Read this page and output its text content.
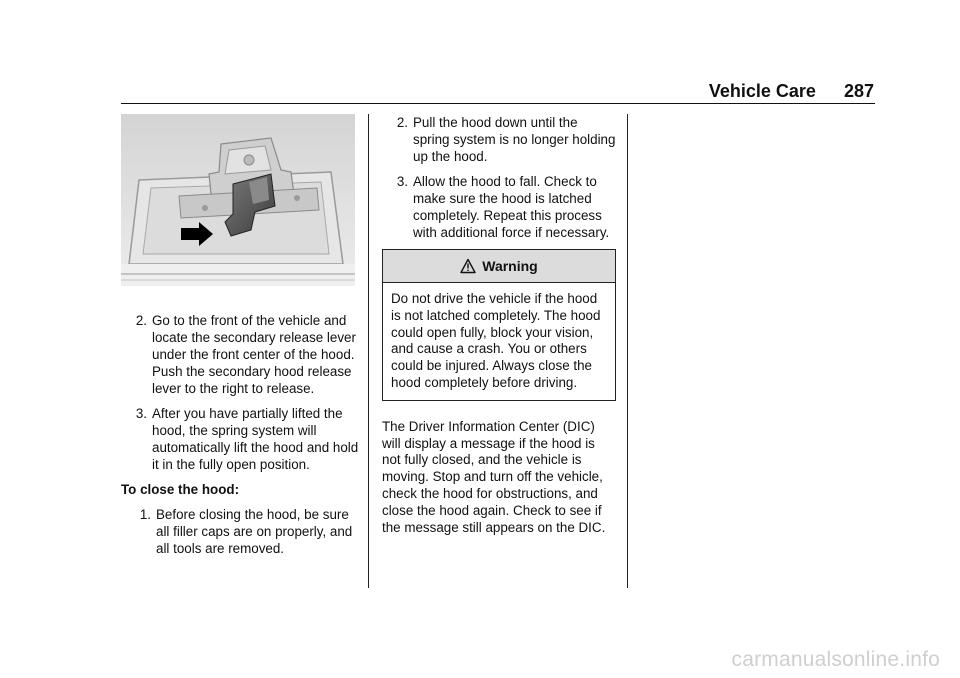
Vehicle Care 287
2. Go to the front of the vehicle and locate the secondary release lever under the front center of the hood. Push the secondary hood release lever to the right to release.
3. After you have partially lifted the hood, the spring system will automatically lift the hood and hold it in the fully open position.
To close the hood:
1. Before closing the hood, be sure all filler caps are on properly, and all tools are removed.
2. Pull the hood down until the spring system is no longer holding up the hood.
3. Allow the hood to fall. Check to make sure the hood is latched completely. Repeat this process with additional force if necessary.
Warning
Do not drive the vehicle if the hood is not latched completely. The hood could open fully, block your vision, and cause a crash. You or others could be injured. Always close the hood completely before driving.
The Driver Information Center (DIC) will display a message if the hood is not fully closed, and the vehicle is moving. Stop and turn off the vehicle, check the hood for obstructions, and close the hood again. Check to see if the message still appears on the DIC.
carmanualsonline.info
